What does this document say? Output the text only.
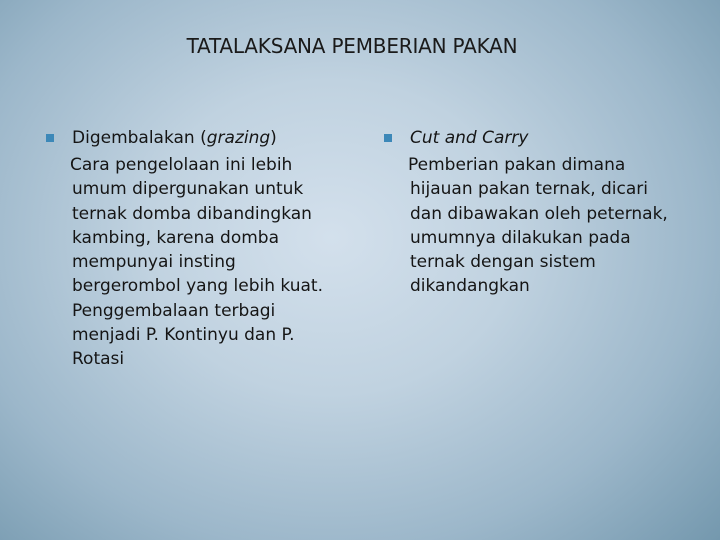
TATALAKSANA PEMBERIAN PAKAN
Digembalakan (grazing)
Cara pengelolaan ini lebih
umum dipergunakan untuk
ternak domba dibandingkan
kambing, karena domba
mempunyai insting
bergerombol yang lebih kuat.
Penggembalaan terbagi
menjadi P. Kontinyu dan P.
Rotasi
Cut and Carry
Pemberian pakan dimana
hijauan pakan ternak, dicari
dan dibawakan oleh peternak,
umumnya dilakukan pada
ternak dengan sistem
dikandangkan
